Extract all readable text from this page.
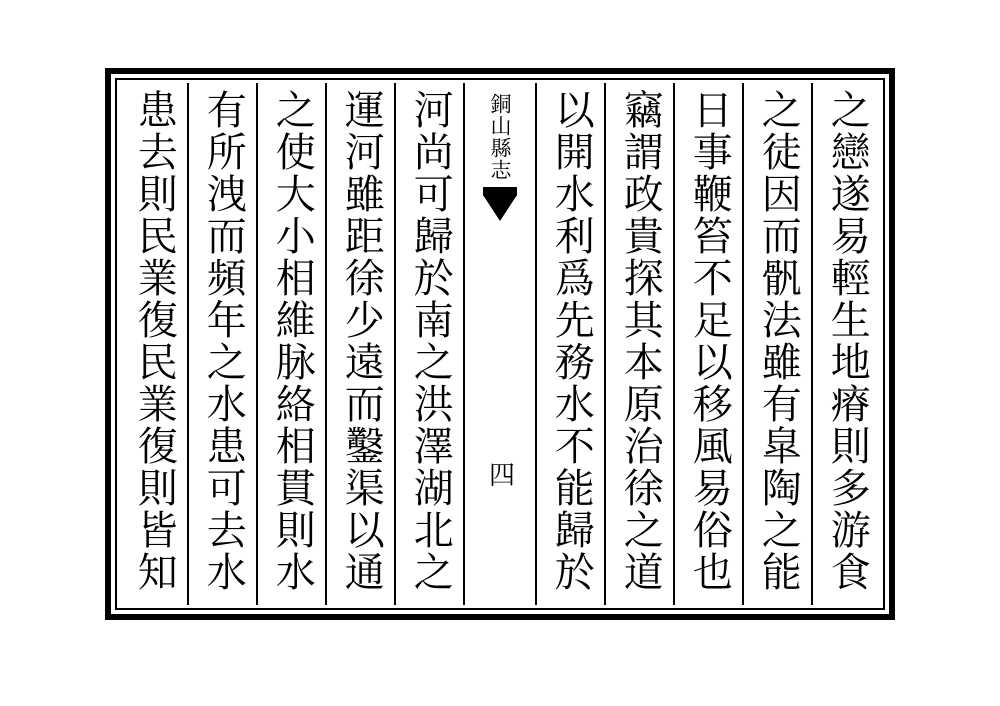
之戀遂易輕生地瘠則多游食
之徒因而骪法雖有皐陶之能
日事鞭笞不足以移風易俗也
竊謂政貴探其本原治徐之道
以開水利爲先務水不能歸於
銅山縣志
四
河尚可歸於南之洪澤湖北之
運河雖距徐少遠而鑿渠以通
之使大小相維脉絡相貫則水
有所洩而頻年之水患可去水
患去則民業復民業復則皆知
